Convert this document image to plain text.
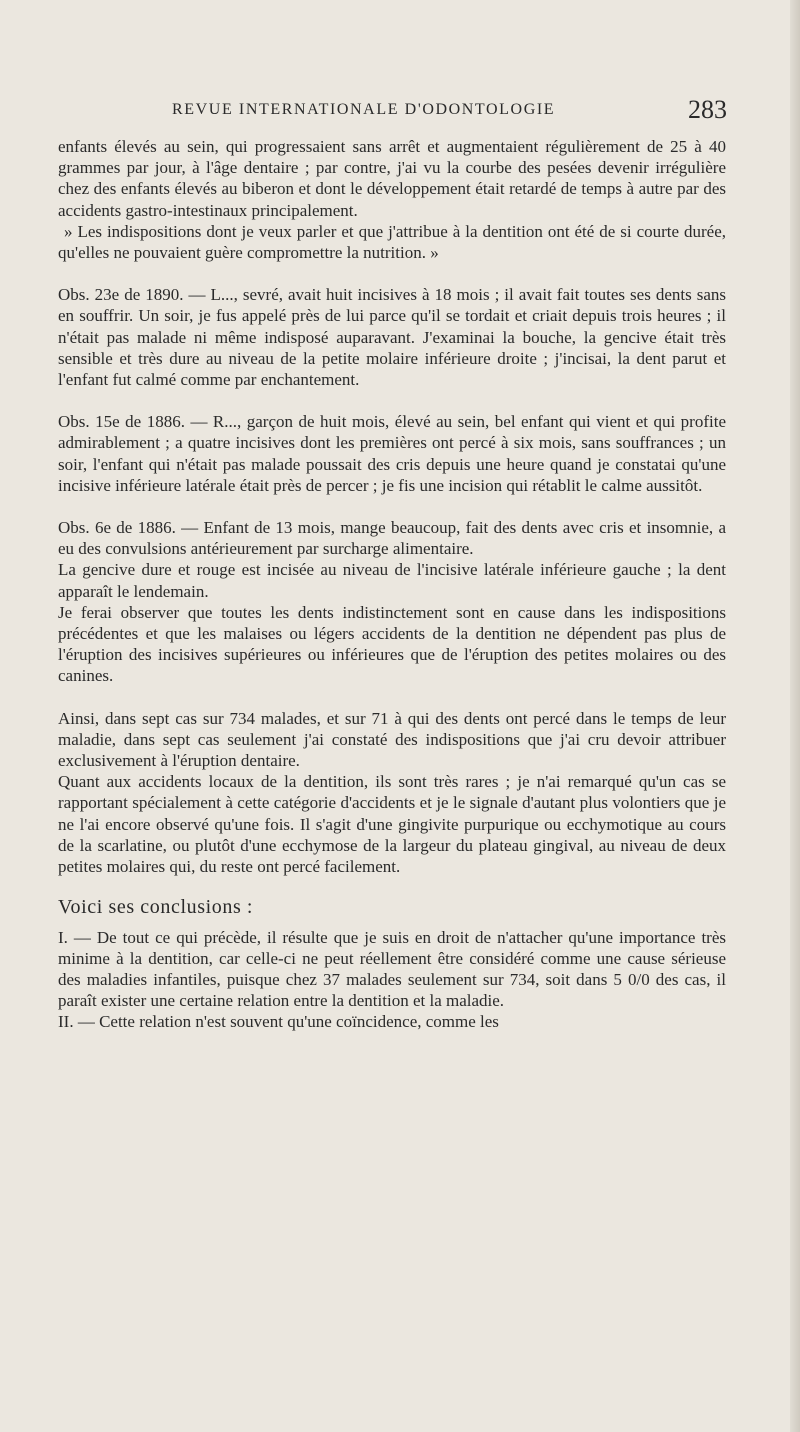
REVUE INTERNATIONALE D'ODONTOLOGIE	283

enfants élevés au sein, qui progressaient sans arrêt et augmentaient régulièrement de 25 à 40 grammes par jour, à l'âge dentaire ; par contre, j'ai vu la courbe des pesées devenir irrégulière chez des enfants élevés au biberon et dont le développement était retardé de temps à autre par des accidents gastro-intestinaux principalement.

» Les indispositions dont je veux parler et que j'attribue à la dentition ont été de si courte durée, qu'elles ne pouvaient guère compromettre la nutrition. »

Obs. 23e de 1890. — L..., sevré, avait huit incisives à 18 mois ; il avait fait toutes ses dents sans en souffrir. Un soir, je fus appelé près de lui parce qu'il se tordait et criait depuis trois heures ; il n'était pas malade ni même indisposé auparavant. J'examinai la bouche, la gencive était très sensible et très dure au niveau de la petite molaire inférieure droite ; j'incisai, la dent parut et l'enfant fut calmé comme par enchantement.

Obs. 15e de 1886. — R..., garçon de huit mois, élevé au sein, bel enfant qui vient et qui profite admirablement ; a quatre incisives dont les premières ont percé à six mois, sans souffrances ; un soir, l'enfant qui n'était pas malade poussait des cris depuis une heure quand je constatai qu'une incisive inférieure latérale était près de percer ; je fis une incision qui rétablit le calme aussitôt.

Obs. 6e de 1886. — Enfant de 13 mois, mange beaucoup, fait des dents avec cris et insomnie, a eu des convulsions antérieurement par surcharge alimentaire.

La gencive dure et rouge est incisée au niveau de l'incisive latérale inférieure gauche ; la dent apparaît le lendemain.

Je ferai observer que toutes les dents indistinctement sont en cause dans les indispositions précédentes et que les malaises ou légers accidents de la dentition ne dépendent pas plus de l'éruption des incisives supérieures ou inférieures que de l'éruption des petites molaires ou des canines.

Ainsi, dans sept cas sur 734 malades, et sur 71 à qui des dents ont percé dans le temps de leur maladie, dans sept cas seulement j'ai constaté des indispositions que j'ai cru devoir attribuer exclusivement à l'éruption dentaire.

Quant aux accidents locaux de la dentition, ils sont très rares ; je n'ai remarqué qu'un cas se rapportant spécialement à cette catégorie d'accidents et je le signale d'autant plus volontiers que je ne l'ai encore observé qu'une fois. Il s'agit d'une gingivite purpurique ou ecchymotique au cours de la scarlatine, ou plutôt d'une ecchymose de la largeur du plateau gingival, au niveau de deux petites molaires qui, du reste ont percé facilement.

Voici ses conclusions :

I. — De tout ce qui précède, il résulte que je suis en droit de n'attacher qu'une importance très minime à la dentition, car celle-ci ne peut réellement être considéré comme une cause sérieuse des maladies infantiles, puisque chez 37 malades seulement sur 734, soit dans 5 0/0 des cas, il paraît exister une certaine relation entre la dentition et la maladie.

II. — Cette relation n'est souvent qu'une coïncidence, comme les
